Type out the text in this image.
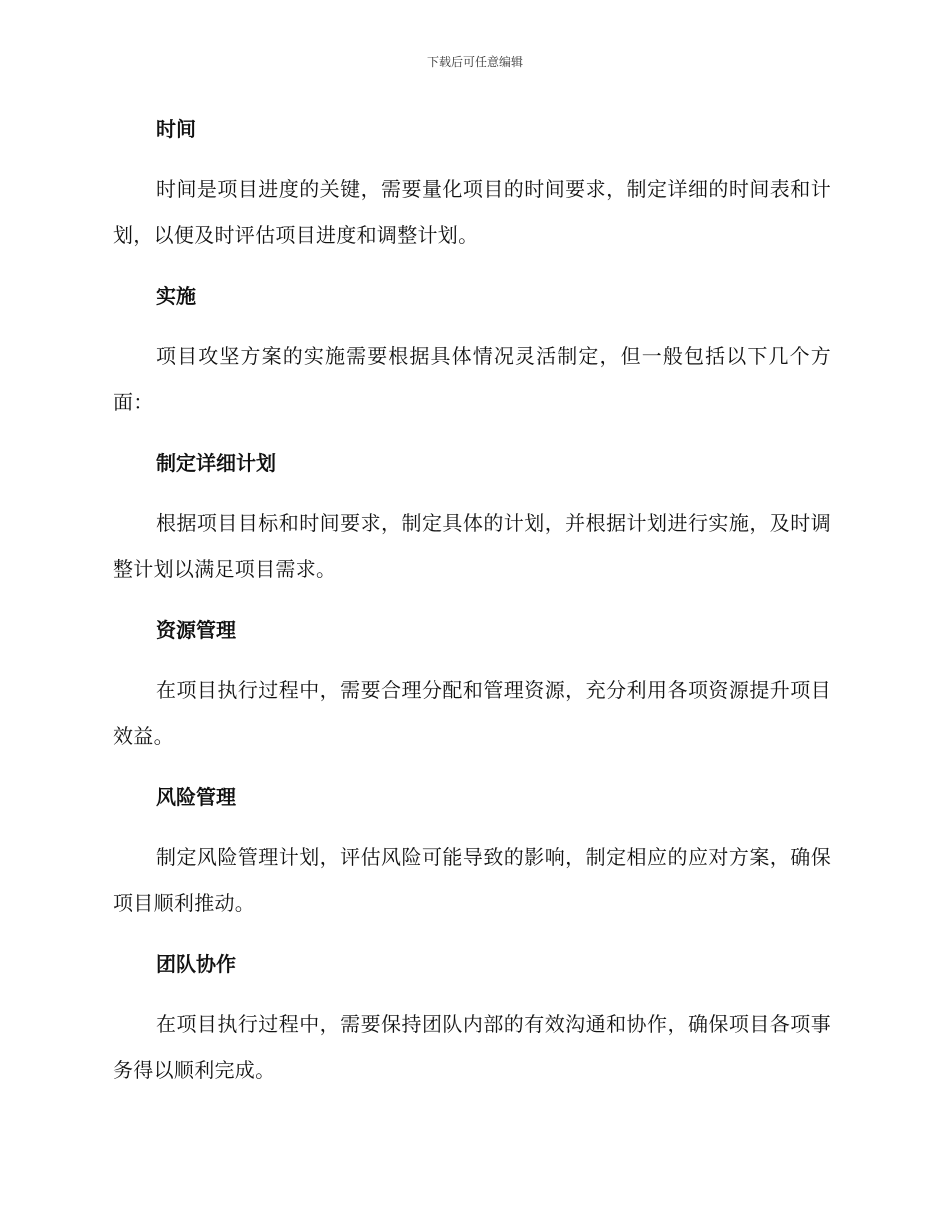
下载后可任意编辑

时间

时间是项目进度的关键，需要量化项目的时间要求，制定详细的时间表和计划，以便及时评估项目进度和调整计划。

实施

项目攻坚方案的实施需要根据具体情况灵活制定，但一般包括以下几个方面：

制定详细计划

根据项目目标和时间要求，制定具体的计划，并根据计划进行实施，及时调整计划以满足项目需求。

资源管理

在项目执行过程中，需要合理分配和管理资源，充分利用各项资源提升项目效益。

风险管理

制定风险管理计划，评估风险可能导致的影响，制定相应的应对方案，确保项目顺利推动。

团队协作

在项目执行过程中，需要保持团队内部的有效沟通和协作，确保项目各项事务得以顺利完成。
